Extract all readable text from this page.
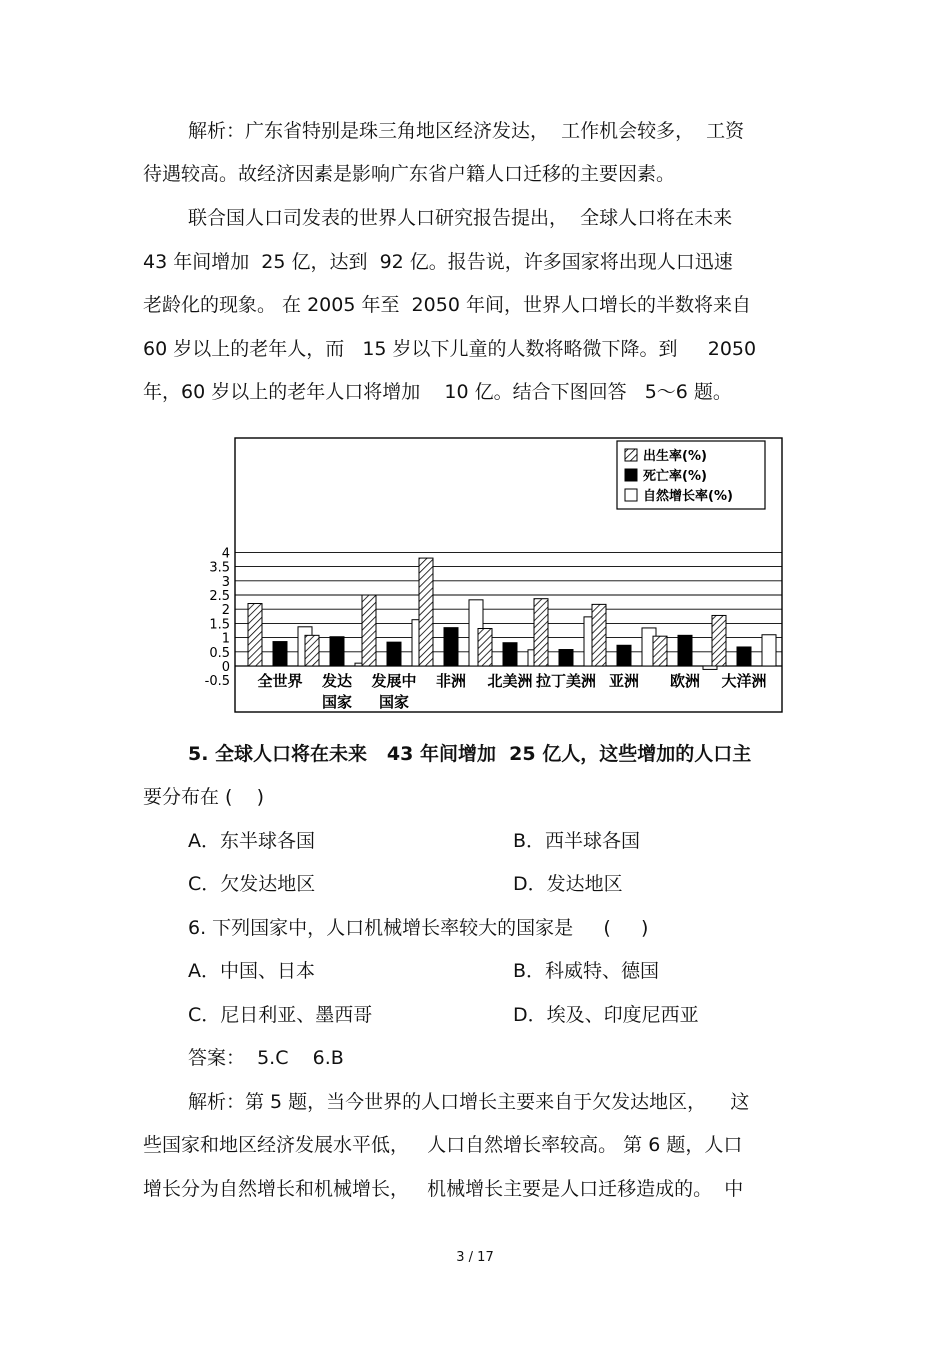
解析：广东省特别是珠三角地区经济发达，  工作机会较多，  工资
待遇较高。故经济因素是影响广东省户籍人口迁移的主要因素。
联合国人口司发表的世界人口研究报告提出，  全球人口将在未来
43 年间增加  25 亿，达到  92 亿。报告说，许多国家将出现人口迅速
老龄化的现象。 在 2005 年至  2050 年间，世界人口增长的半数将来自
60 岁以上的老年人，而   15 岁以下儿童的人数将略微下降。到     2050
年，60 岁以上的老年人口将增加    10 亿。结合下图回答   5～6 题。
4
3.5
3
2.5
2
1.5
1
0.5
0
-0.5 全世界 发达
国家
发展中
国家
非洲 北美洲 拉丁美洲 亚洲 欧洲 大洋洲
出生率(%)
死亡率(%)
自然增长率(%)
5. 全球人口将在未来   43 年间增加  25 亿人，这些增加的人口主
要分布在 (    )
A．东半球各国	B．西半球各国
C．欠发达地区	D．发达地区
6. 下列国家中，人口机械增长率较大的国家是     (     )
A．中国、日本	B．科威特、德国
C．尼日利亚、墨西哥	D．埃及、印度尼西亚
答案：  5.C    6.B
解析：第 5 题，当今世界的人口增长主要来自于欠发达地区，    这
些国家和地区经济发展水平低，   人口自然增长率较高。 第 6 题，人口
增长分为自然增长和机械增长，   机械增长主要是人口迁移造成的。  中
3 / 17
